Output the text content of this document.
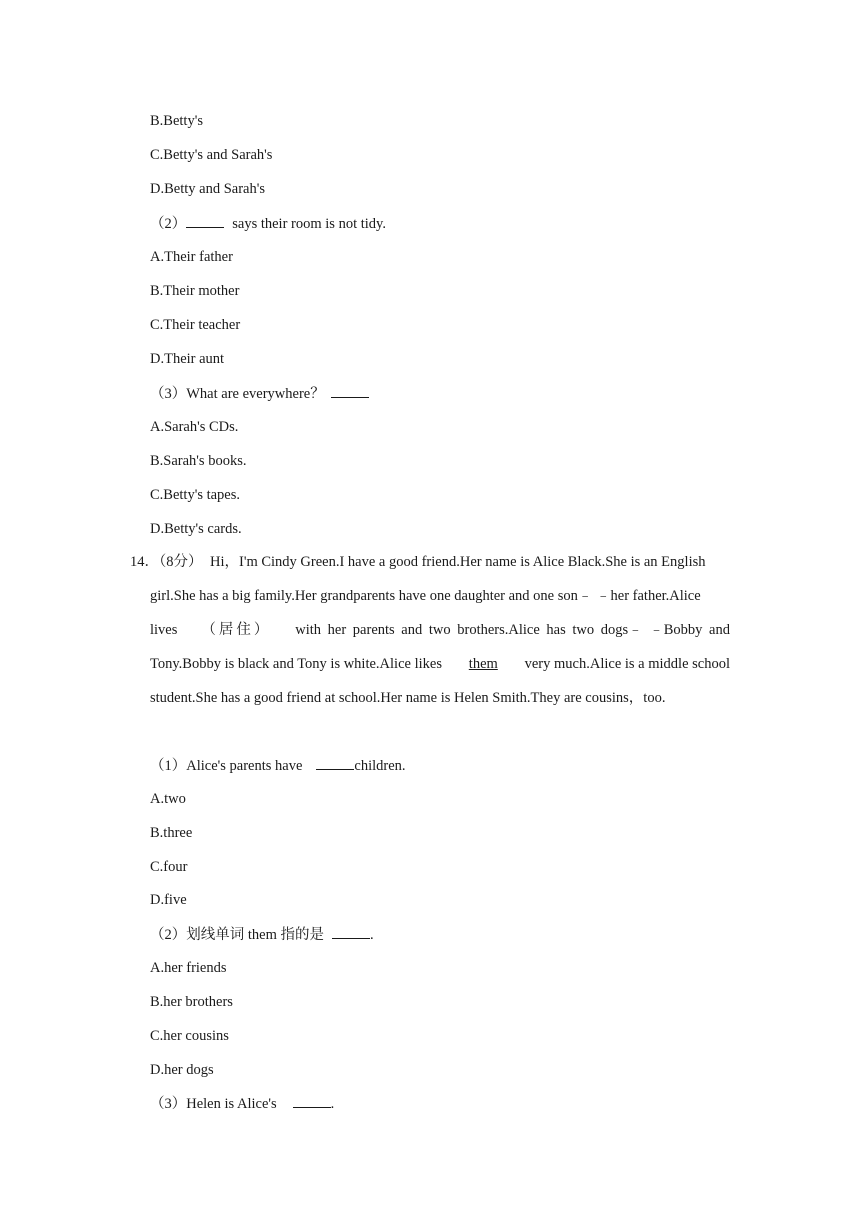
B.Betty's
C.Betty's and Sarah's
D.Betty and Sarah's
（2）	says their room is not tidy.
A.Their father
B.Their mother
C.Their teacher
D.Their aunt
（3）What are everywhere？
A.Sarah's CDs.
B.Sarah's books.
C.Betty's tapes.
D.Betty's cards.
14．（8分） Hi，I'm Cindy Green.I have a good friend.Her name is Alice Black.She is an English
girl.She has a big family.Her grandparents have one daughter and one son﹣ ﹣her father.Alice
lives （居住） with her parents and two brothers.Alice has two dogs﹣ ﹣Bobby and
Tony.Bobby is black and Tony is white.Alice likes them very much.Alice is a middle school
student.She has a good friend at school.Her name is Helen Smith.They are cousins，too.
（1）Alice's parents have	children.
A.two
B.three
C.four
D.five
（2）划线单词 them 指的是	.
A.her friends
B.her brothers
C.her cousins
D.her dogs
（3）Helen is Alice's	.
